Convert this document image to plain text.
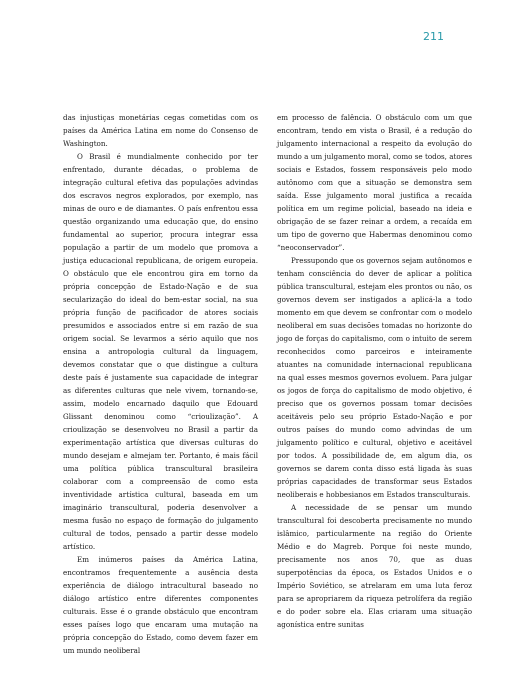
211

das injustiças monetárias cegas cometidas com os países da América Latina em nome do Consenso de Washington.

O Brasil é mundialmente conhecido por ter enfrentado, durante décadas, o problema de integração cultural efetiva das populações advindas dos escravos negros explorados, por exemplo, nas minas de ouro e de diamantes. O país enfrentou essa questão organizando uma educação que, do ensino fundamental ao superior, procura integrar essa população a partir de um modelo que promova a justiça educacional republicana, de origem europeia. O obstáculo que ele encontrou gira em torno da própria concepção de Estado-Nação e de sua secularização do ideal do bem-estar social, na sua própria função de pacificador de atores sociais presumidos e associados entre si em razão de sua origem social. Se levarmos a sério aquilo que nos ensina a antropologia cultural da linguagem, devemos constatar que o que distingue a cultura deste país é justamente sua capacidade de integrar as diferentes culturas que nele vivem, tornando-se, assim, modelo encarnado daquilo que Edouard Glissant denominou como “crioulização”. A crioulização se desenvolveu no Brasil a partir da experimentação artística que diversas culturas do mundo desejam e almejam ter. Portanto, é mais fácil uma política pública transcultural brasileira colaborar com a compreensão de como esta inventividade artística cultural, baseada em um imaginário transcultural, poderia desenvolver a mesma fusão no espaço de formação do julgamento cultural de todos, pensado a partir desse modelo artístico.

Em inúmeros países da América Latina, encontramos frequentemente a ausência desta experiência de diálogo intracultural baseado no diálogo artístico entre diferentes componentes culturais. Esse é o grande obstáculo que encontram esses países logo que encaram uma mutação na própria concepção do Estado, como devem fazer em um mundo neoliberal

em processo de falência. O obstáculo com um que encontram, tendo em vista o Brasil, é a redução do julgamento internacional a respeito da evolução do mundo a um julgamento moral, como se todos, atores sociais e Estados, fossem responsáveis pelo modo autônomo com que a situação se demonstra sem saída. Esse julgamento moral justifica a recaída política em um regime policial, baseado na ideia e obrigação de se fazer reinar a ordem, a recaída em um tipo de governo que Habermas denominou como “neoconservador”.

Pressupondo que os governos sejam autônomos e tenham consciência do dever de aplicar a política pública transcultural, estejam eles prontos ou não, os governos devem ser instigados a aplicá-la a todo momento em que devem se confrontar com o modelo neoliberal em suas decisões tomadas no horizonte do jogo de forças do capitalismo, com o intuito de serem reconhecidos como parceiros e inteiramente atuantes na comunidade internacional republicana na qual esses mesmos governos evoluem. Para julgar os jogos de força do capitalismo de modo objetivo, é preciso que os governos possam tomar decisões aceitáveis pelo seu próprio Estado-Nação e por outros países do mundo como advindas de um julgamento político e cultural, objetivo e aceitável por todos. A possibilidade de, em algum dia, os governos se darem conta disso está ligada às suas próprias capacidades de transformar seus Estados neoliberais e hobbesianos em Estados transculturais.

A necessidade de se pensar um mundo transcultural foi descoberta precisamente no mundo islâmico, particularmente na região do Oriente Médio e do Magreb. Porque foi neste mundo, precisamente nos anos 70, que as duas superpotências da época, os Estados Unidos e o Império Soviético, se atrelaram em uma luta feroz para se apropriarem da riqueza petrolífera da região e do poder sobre ela. Elas criaram uma situação agonística entre sunitas
